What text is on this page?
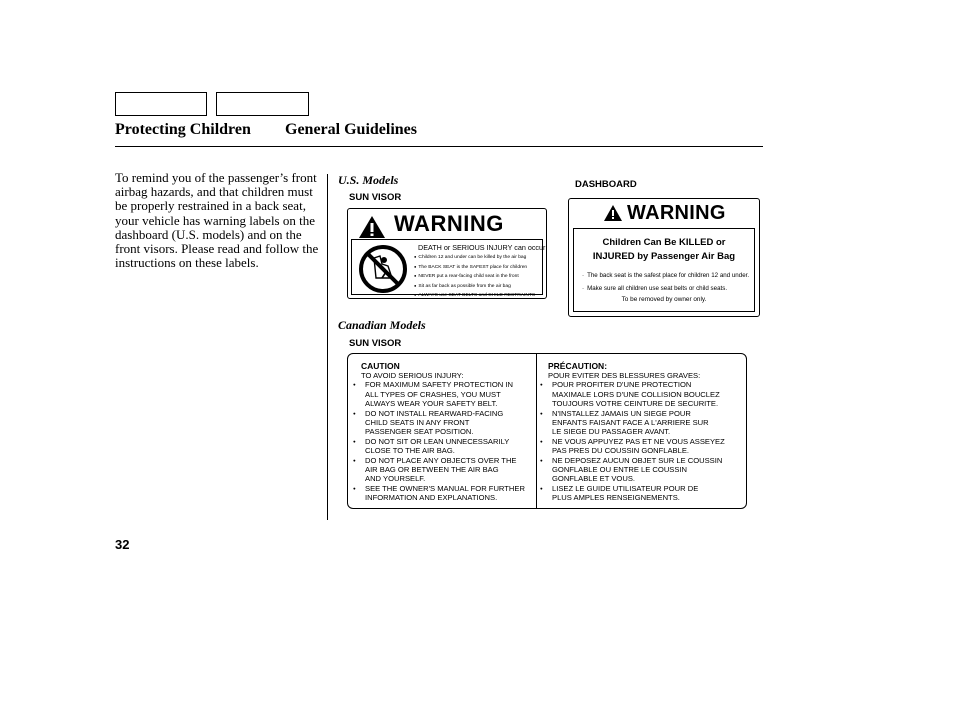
Protecting Children General Guidelines
To remind you of the passenger’s front airbag hazards, and that children must be properly restrained in a back seat, your vehicle has warning labels on the dashboard (U.S. models) and on the front visors. Please read and follow the instructions on these labels.
U.S. Models
SUN VISOR
DASHBOARD
WARNING
DEATH or SERIOUS INJURY can occur
● Children 12 and under can be killed by the air bag
● The BACK SEAT is the SAFEST place for children
● NEVER put a rear-facing child seat in the front
● Sit as far back as possible from the air bag
● ALWAYS use SEAT BELTS and CHILD RESTRAINTS
WARNING
Children Can Be KILLED or
INJURED by Passenger Air Bag
· The back seat is the safest place for children 12 and under.
· Make sure all children use seat belts or child seats.
To be removed by owner only.
Canadian Models
SUN VISOR
CAUTION
TO AVOID SERIOUS INJURY:
● FOR MAXIMUM SAFETY PROTECTION IN
ALL TYPES OF CRASHES, YOU MUST
ALWAYS WEAR YOUR SAFETY BELT.
● DO NOT INSTALL REARWARD-FACING
CHILD SEATS IN ANY FRONT
PASSENGER SEAT POSITION.
● DO NOT SIT OR LEAN UNNECESSARILY
CLOSE TO THE AIR BAG.
● DO NOT PLACE ANY OBJECTS OVER THE
AIR BAG OR BETWEEN THE AIR BAG
AND YOURSELF.
● SEE THE OWNER'S MANUAL FOR FURTHER
INFORMATION AND EXPLANATIONS.
PRÉCAUTION:
POUR EVITER DES BLESSURES GRAVES:
● POUR PROFITER D'UNE PROTECTION
MAXIMALE LORS D'UNE COLLISION BOUCLEZ
TOUJOURS VOTRE CEINTURE DE SECURITE.
● N'INSTALLEZ JAMAIS UN SIEGE POUR
ENFANTS FAISANT FACE A L'ARRIERE SUR
LE SIEGE DU PASSAGER AVANT.
● NE VOUS APPUYEZ PAS ET NE VOUS ASSEYEZ
PAS PRES DU COUSSIN GONFLABLE.
● NE DEPOSEZ AUCUN OBJET SUR LE COUSSIN
GONFLABLE OU ENTRE LE COUSSIN
GONFLABLE ET VOUS.
● LISEZ LE GUIDE UTILISATEUR POUR DE
PLUS AMPLES RENSEIGNEMENTS.
32
